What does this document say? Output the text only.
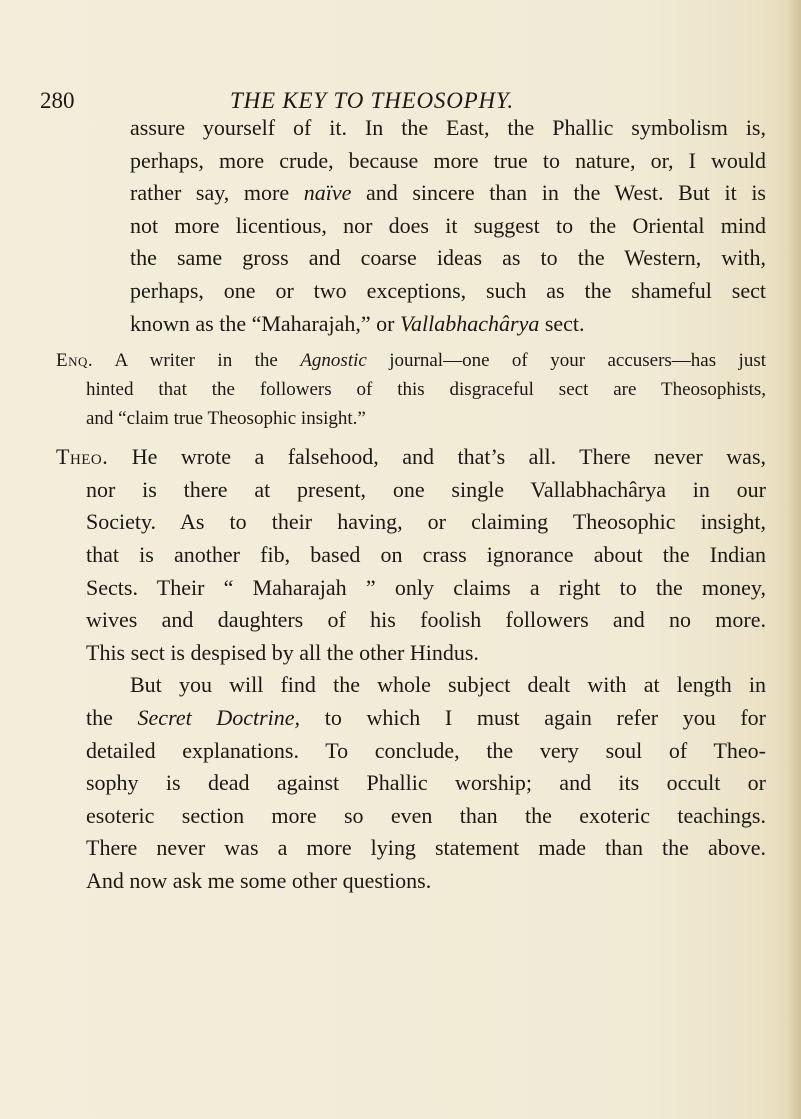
280	THE KEY TO THEOSOPHY.
assure yourself of it. In the East, the Phallic symbolism is,
perhaps, more crude, because more true to nature, or, I would
rather say, more naïve and sincere than in the West. But it is
not more licentious, nor does it suggest to the Oriental mind
the same gross and coarse ideas as to the Western, with,
perhaps, one or two exceptions, such as the shameful sect
known as the “Maharajah,” or Vallabhachârya sect.
Enq. A writer in the Agnostic journal—one of your accusers—has just
hinted that the followers of this disgraceful sect are Theosophists,
and “claim true Theosophic insight.”
Theo. He wrote a falsehood, and that’s all. There never was,
nor is there at present, one single Vallabhachârya in our
Society. As to their having, or claiming Theosophic insight,
that is another fib, based on crass ignorance about the Indian
Sects. Their “ Maharajah ” only claims a right to the money,
wives and daughters of his foolish followers and no more.
This sect is despised by all the other Hindus.
But you will find the whole subject dealt with at length in
the Secret Doctrine, to which I must again refer you for
detailed explanations. To conclude, the very soul of Theo-
sophy is dead against Phallic worship; and its occult or
esoteric section more so even than the exoteric teachings.
There never was a more lying statement made than the above.
And now ask me some other questions.
